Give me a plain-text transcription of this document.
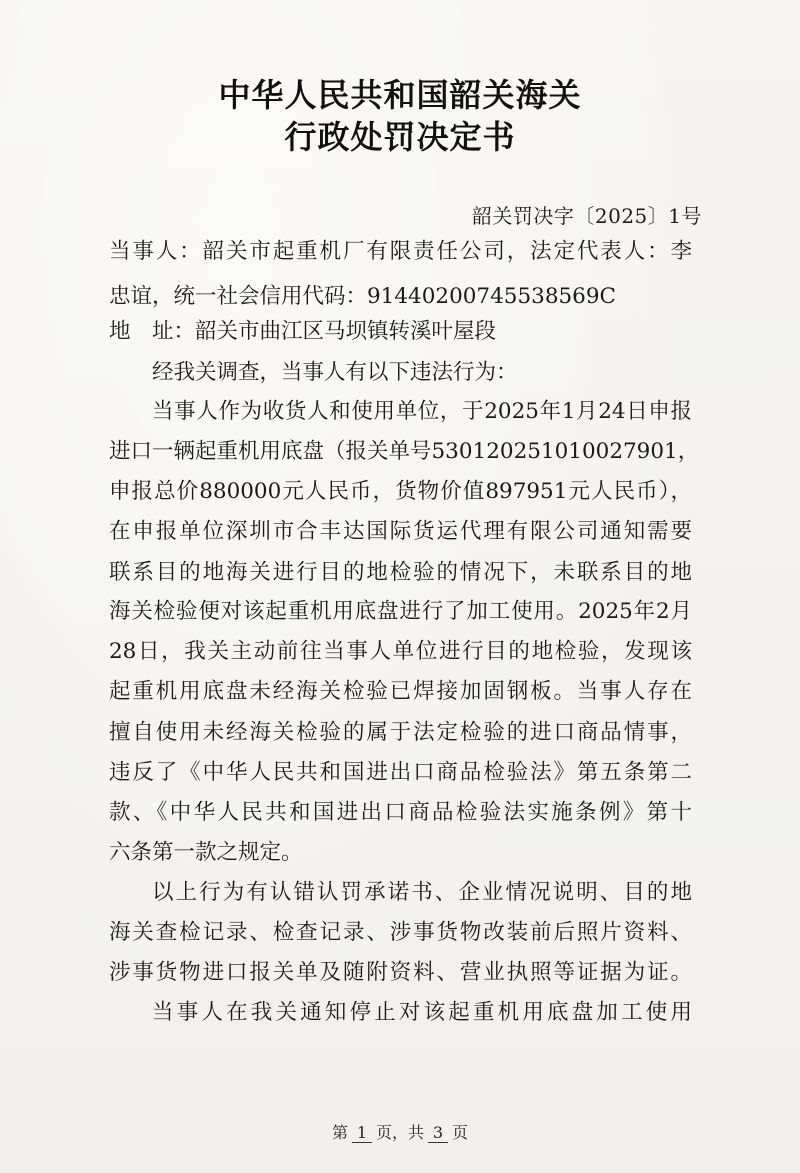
中华人民共和国韶关海关
行政处罚决定书
韶关罚决字〔2025〕1号
当事人：韶关市起重机厂有限责任公司，法定代表人：李
忠谊，统一社会信用代码：91440200745538569C
地　址：韶关市曲江区马坝镇转溪叶屋段
经我关调查，当事人有以下违法行为：
当事人作为收货人和使用单位，于2025年1月24日申报
进口一辆起重机用底盘（报关单号530120251010027901，
申报总价880000元人民币，货物价值897951元人民币），
在申报单位深圳市合丰达国际货运代理有限公司通知需要
联系目的地海关进行目的地检验的情况下，未联系目的地
海关检验便对该起重机用底盘进行了加工使用。2025年2月
28日，我关主动前往当事人单位进行目的地检验，发现该
起重机用底盘未经海关检验已焊接加固钢板。当事人存在
擅自使用未经海关检验的属于法定检验的进口商品情事，
违反了《中华人民共和国进出口商品检验法》第五条第二
款、《中华人民共和国进出口商品检验法实施条例》第十
六条第一款之规定。
以上行为有认错认罚承诺书、企业情况说明、目的地
海关查检记录、检查记录、涉事货物改装前后照片资料、
涉事货物进口报关单及随附资料、营业执照等证据为证。
当事人在我关通知停止对该起重机用底盘加工使用
第 1 页，共 3 页
